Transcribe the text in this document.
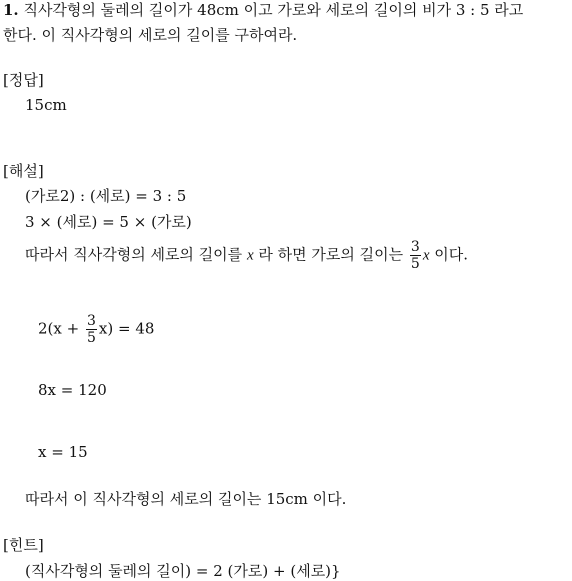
1. 직사각형의 둘레의 길이가 48cm 이고 가로와 세로의 길이의 비가 3 : 5 라고
한다. 이 직사각형의 세로의 길이를 구하여라.
[정답]
15cm
[해설]
(가로2) : (세로) = 3 : 5
3 × (세로) = 5 × (가로)
따라서 직사각형의 세로의 길이를 x 라 하면 가로의 길이는 $\frac{3}{5}$ x 이다.
$2(x + \frac{3}{5} x) = 48$
8x = 120
x = 15
따라서 이 직사각형의 세로의 길이는 15cm 이다.
[힌트]
(직사각형의 둘레의 길이) = 2 (가로) + (세로)}
